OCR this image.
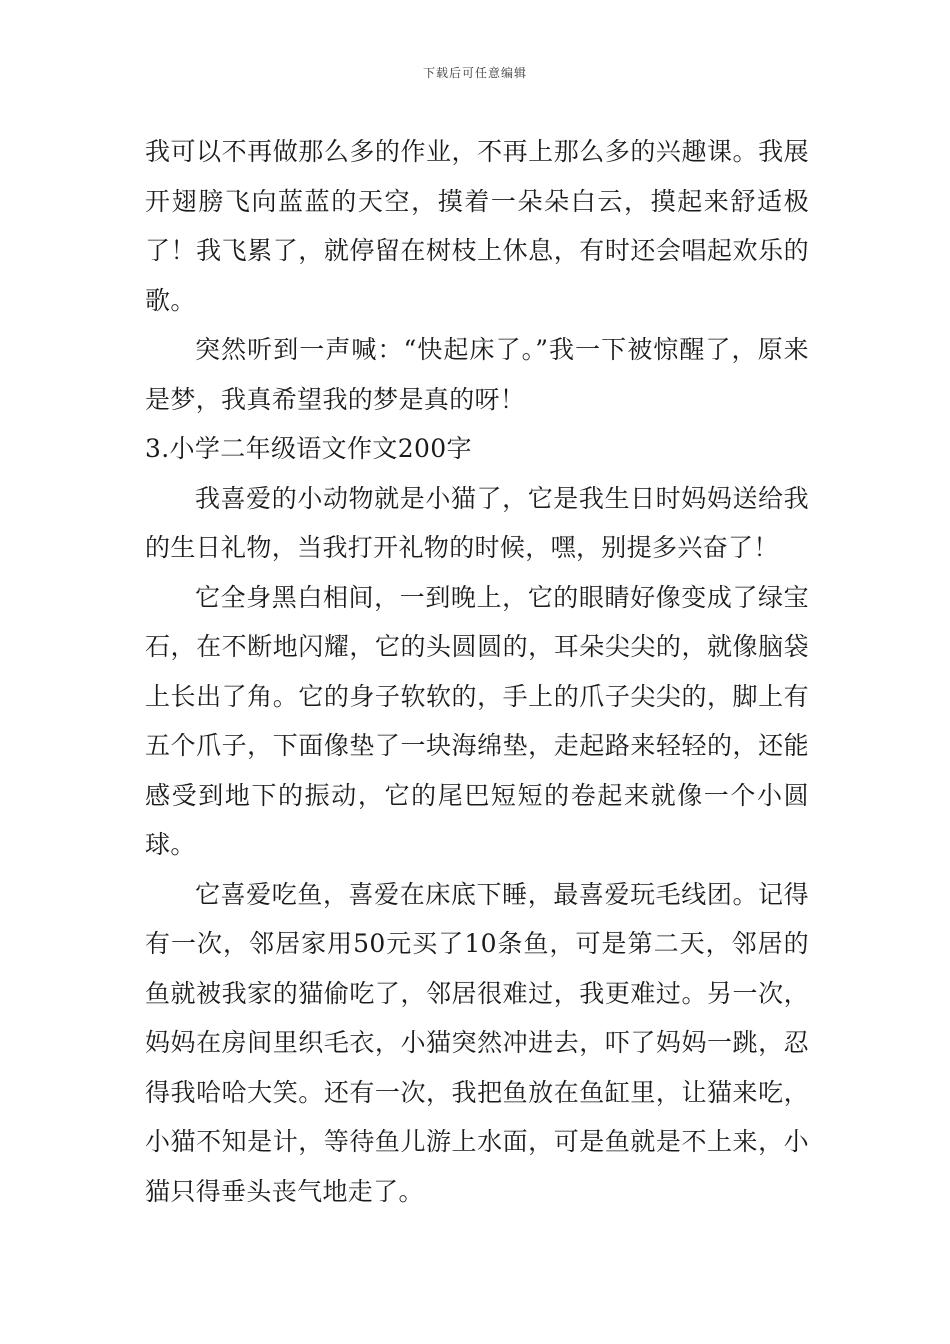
下载后可任意编辑

我可以不再做那么多的作业，不再上那么多的兴趣课。我展开翅膀飞向蓝蓝的天空，摸着一朵朵白云，摸起来舒适极了！我飞累了，就停留在树枝上休息，有时还会唱起欢乐的歌。

突然听到一声喊：“快起床了。”我一下被惊醒了，原来是梦，我真希望我的梦是真的呀！

3.小学二年级语文作文200字

我喜爱的小动物就是小猫了，它是我生日时妈妈送给我的生日礼物，当我打开礼物的时候，嘿，别提多兴奋了！

它全身黑白相间，一到晚上，它的眼睛好像变成了绿宝石，在不断地闪耀，它的头圆圆的，耳朵尖尖的，就像脑袋上长出了角。它的身子软软的，手上的爪子尖尖的，脚上有五个爪子，下面像垫了一块海绵垫，走起路来轻轻的，还能感受到地下的振动，它的尾巴短短的卷起来就像一个小圆球。

它喜爱吃鱼，喜爱在床底下睡，最喜爱玩毛线团。记得有一次，邻居家用50元买了10条鱼，可是第二天，邻居的鱼就被我家的猫偷吃了，邻居很难过，我更难过。另一次，妈妈在房间里织毛衣，小猫突然冲进去，吓了妈妈一跳，忍得我哈哈大笑。还有一次，我把鱼放在鱼缸里，让猫来吃，小猫不知是计，等待鱼儿游上水面，可是鱼就是不上来，小猫只得垂头丧气地走了。
